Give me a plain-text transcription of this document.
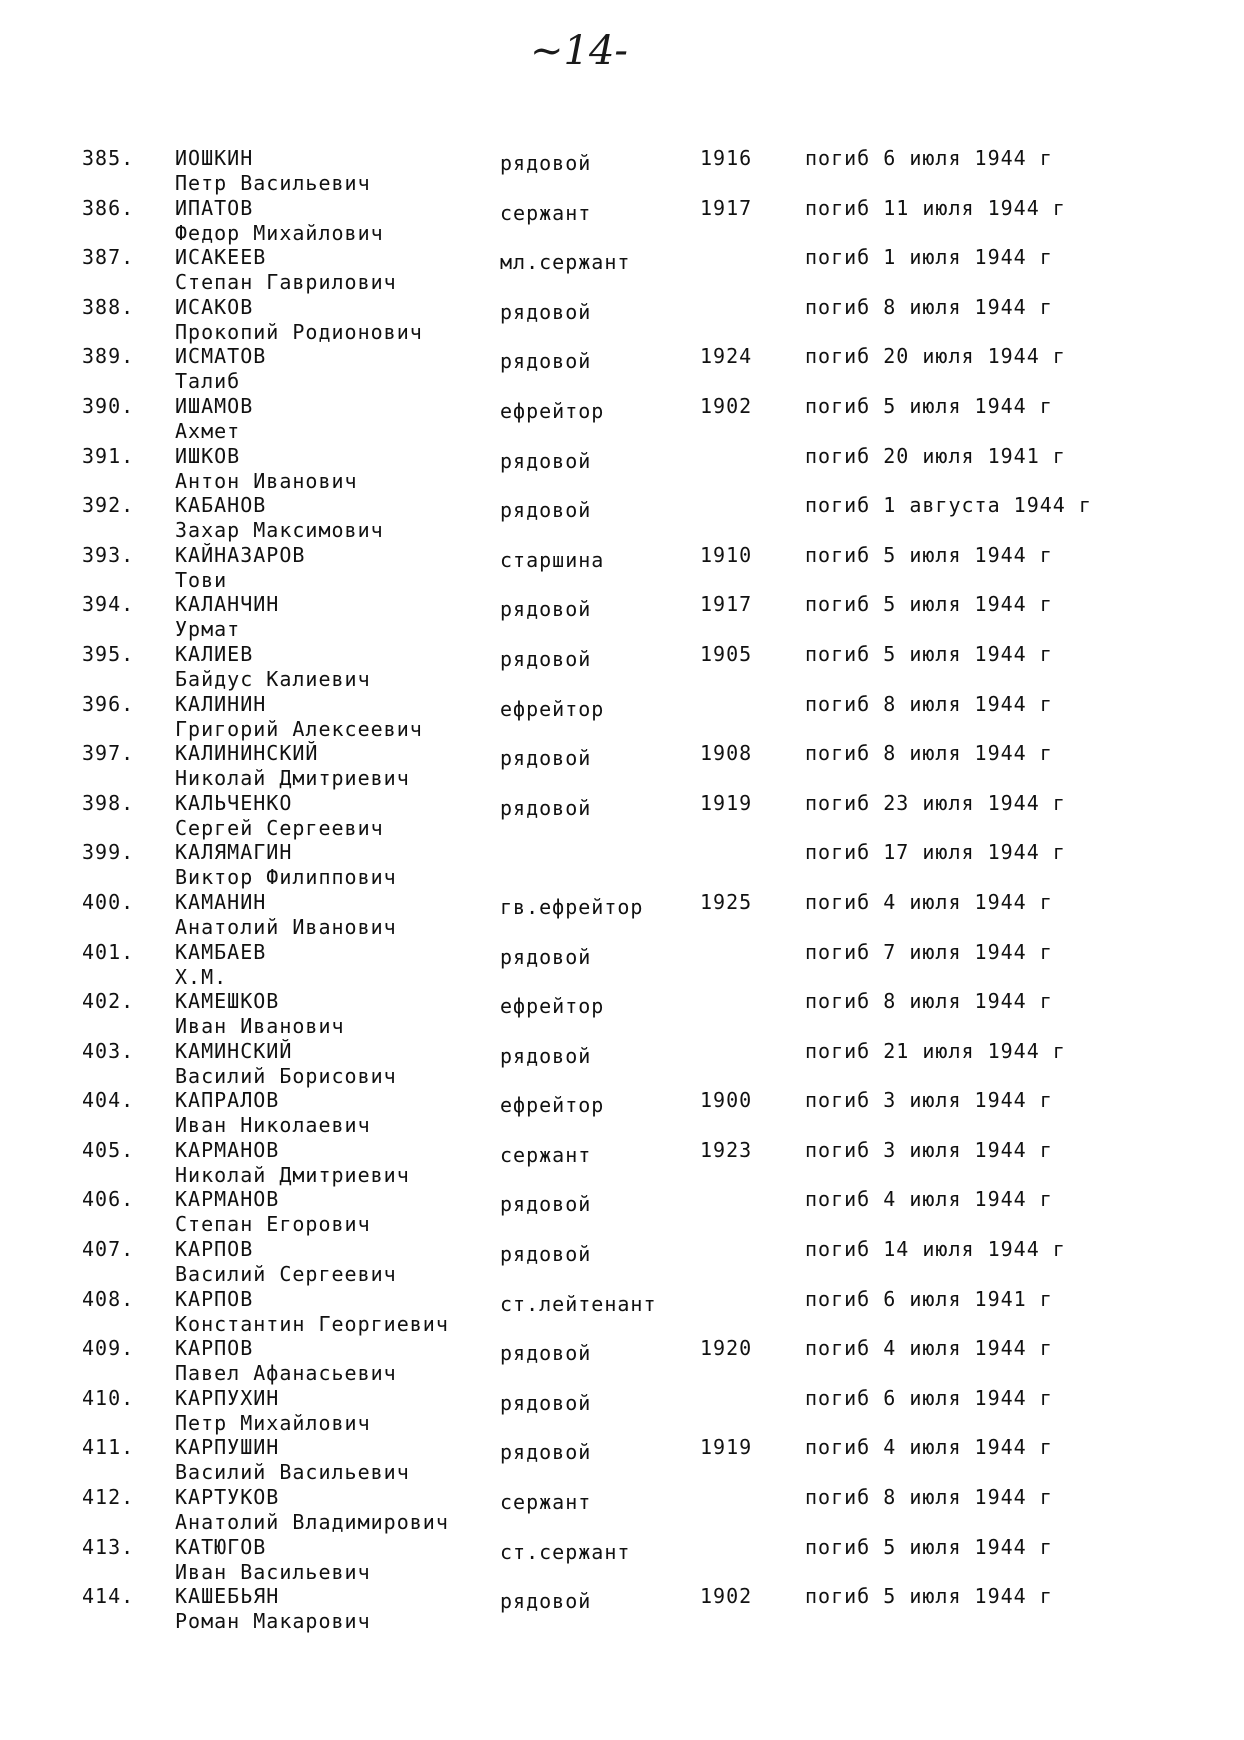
~14-
385. ИОШКИН
Петр Васильевич
рядовой	1916	погиб 6 июля 1944 г
386. ИПАТОВ
Федор Михайлович
сержант	1917	погиб 11 июля 1944 г
387. ИСАКЕЕВ
Степан Гаврилович
мл.сержант	погиб 1 июля 1944 г
388. ИСАКОВ
Прокопий Родионович
рядовой	погиб 8 июля 1944 г
389. ИСМАТОВ
Талиб
рядовой	1924	погиб 20 июля 1944 г
390. ИШАМОВ
Ахмет
ефрейтор	1902	погиб 5 июля 1944 г
391. ИШКОВ
Антон Иванович
рядовой	погиб 20 июля 1941 г
392. КАБАНОВ
Захар Максимович
рядовой	погиб 1 августа 1944 г
393. КАЙНАЗАРОВ
Тови
старшина	1910	погиб 5 июля 1944 г
394. КАЛАНЧИН
Урмат
рядовой	1917	погиб 5 июля 1944 г
395. КАЛИЕВ
Байдус Калиевич
рядовой	1905	погиб 5 июля 1944 г
396. КАЛИНИН
Григорий Алексеевич
ефрейтор	погиб 8 июля 1944 г
397. КАЛИНИНСКИЙ
Николай Дмитриевич
рядовой	1908	погиб 8 июля 1944 г
398. КАЛЬЧЕНКО
Сергей Сергеевич
рядовой	1919	погиб 23 июля 1944 г
399. КАЛЯМАГИН
Виктор Филиппович
погиб 17 июля 1944 г
400. КАМАНИН
Анатолий Иванович
гв.ефрейтор	1925	погиб 4 июля 1944 г
401. КАМБАЕВ
Х.М.
рядовой	погиб 7 июля 1944 г
402. КАМЕШКОВ
Иван Иванович
ефрейтор	погиб 8 июля 1944 г
403. КАМИНСКИЙ
Василий Борисович
рядовой	погиб 21 июля 1944 г
404. КАПРАЛОВ
Иван Николаевич
ефрейтор	1900	погиб 3 июля 1944 г
405. КАРМАНОВ
Николай Дмитриевич
сержант	1923	погиб 3 июля 1944 г
406. КАРМАНОВ
Степан Егорович
рядовой	погиб 4 июля 1944 г
407. КАРПОВ
Василий Сергеевич
рядовой	погиб 14 июля 1944 г
408. КАРПОВ
Константин Георгиевич
ст.лейтенант	погиб 6 июля 1941 г
409. КАРПОВ
Павел Афанасьевич
рядовой	1920	погиб 4 июля 1944 г
410. КАРПУХИН
Петр Михайлович
рядовой	погиб 6 июля 1944 г
411. КАРПУШИН
Василий Васильевич
рядовой	1919	погиб 4 июля 1944 г
412. КАРТУКОВ
Анатолий Владимирович
сержант	погиб 8 июля 1944 г
413. КАТЮГОВ
Иван Васильевич
ст.сержант	погиб 5 июля 1944 г
414. КАШЕБЬЯН
Роман Макарович
рядовой	1902	погиб 5 июля 1944 г
